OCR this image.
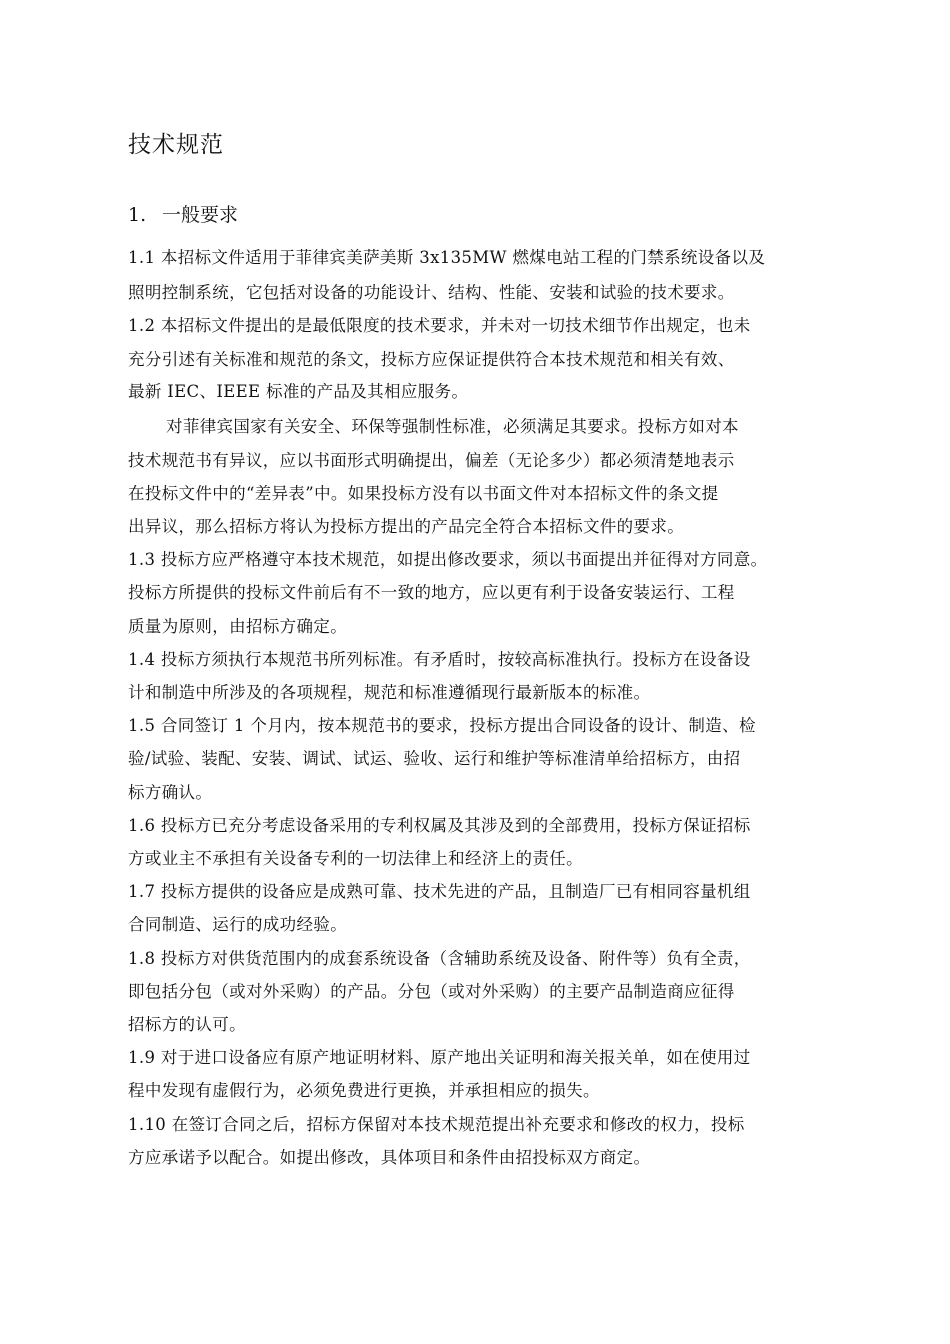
技术规范
1. 一般要求
1.1 本招标文件适用于菲律宾美萨美斯 3x135MW 燃煤电站工程的门禁系统设备以及
照明控制系统，它包括对设备的功能设计、结构、性能、安装和试验的技术要求。
1.2 本招标文件提出的是最低限度的技术要求，并未对一切技术细节作出规定，也未
充分引述有关标准和规范的条文，投标方应保证提供符合本技术规范和相关有效、
最新 IEC、IEEE 标准的产品及其相应服务。
对菲律宾国家有关安全、环保等强制性标准，必须满足其要求。投标方如对本
技术规范书有异议，应以书面形式明确提出，偏差（无论多少）都必须清楚地表示
在投标文件中的“差异表”中。如果投标方没有以书面文件对本招标文件的条文提
出异议，那么招标方将认为投标方提出的产品完全符合本招标文件的要求。
1.3 投标方应严格遵守本技术规范，如提出修改要求，须以书面提出并征得对方同意。
投标方所提供的投标文件前后有不一致的地方，应以更有利于设备安装运行、工程
质量为原则，由招标方确定。
1.4 投标方须执行本规范书所列标准。有矛盾时，按较高标准执行。投标方在设备设
计和制造中所涉及的各项规程，规范和标准遵循现行最新版本的标准。
1.5 合同签订 1 个月内，按本规范书的要求，投标方提出合同设备的设计、制造、检
验/试验、装配、安装、调试、试运、验收、运行和维护等标准清单给招标方，由招
标方确认。
1.6 投标方已充分考虑设备采用的专利权属及其涉及到的全部费用，投标方保证招标
方或业主不承担有关设备专利的一切法律上和经济上的责任。
1.7 投标方提供的设备应是成熟可靠、技术先进的产品，且制造厂已有相同容量机组
合同制造、运行的成功经验。
1.8 投标方对供货范围内的成套系统设备（含辅助系统及设备、附件等）负有全责，
即包括分包（或对外采购）的产品。分包（或对外采购）的主要产品制造商应征得
招标方的认可。
1.9 对于进口设备应有原产地证明材料、原产地出关证明和海关报关单，如在使用过
程中发现有虚假行为，必须免费进行更换，并承担相应的损失。
1.10 在签订合同之后，招标方保留对本技术规范提出补充要求和修改的权力，投标
方应承诺予以配合。如提出修改，具体项目和条件由招投标双方商定。
